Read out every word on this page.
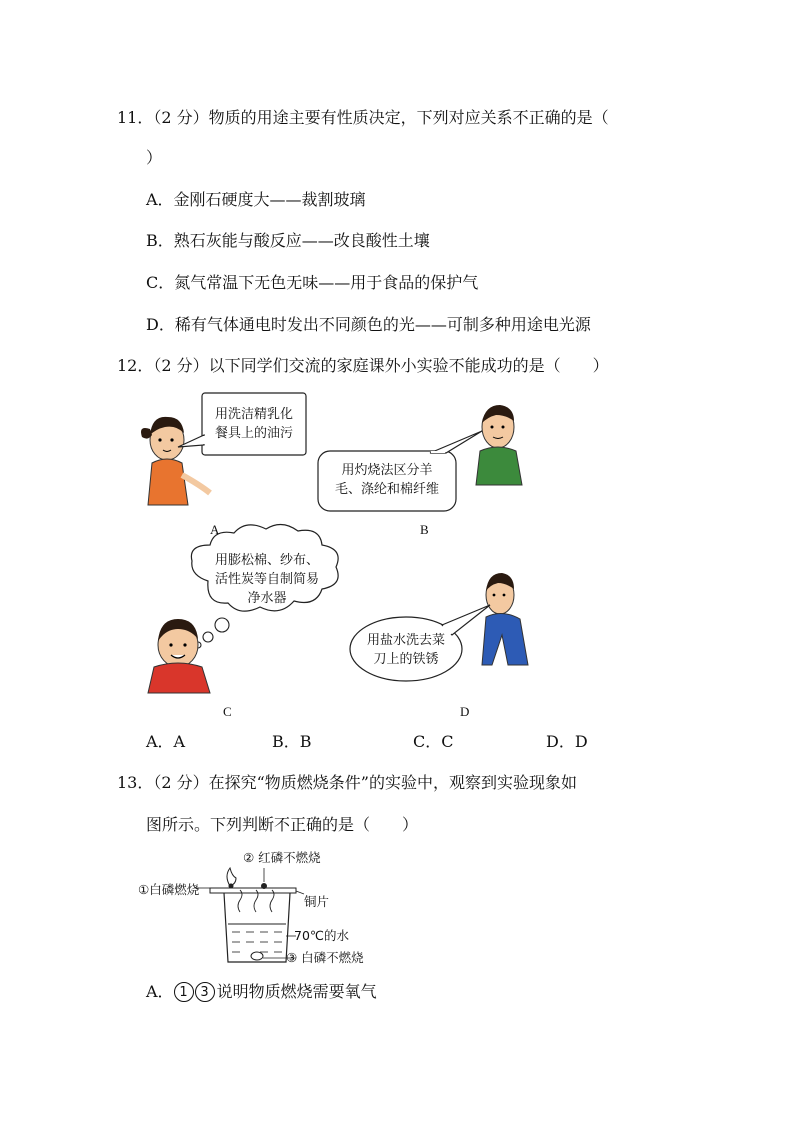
11．（2 分）物质的用途主要有性质决定，下列对应关系不正确的是（
）
A．金刚石硬度大——裁割玻璃
B．熟石灰能与酸反应——改良酸性土壤
C．氮气常温下无色无味——用于食品的保护气
D．稀有气体通电时发出不同颜色的光——可制多种用途电光源
12．（2 分）以下同学们交流的家庭课外小实验不能成功的是（　　）
用洗洁精乳化
餐具上的油污
用灼烧法区分羊
毛、涤纶和棉纤维
用膨松棉、纱布、
活性炭等自制简易
净水器
用盐水洗去菜
刀上的铁锈
A	B
C	D
A．A	B．B	C．C	D．D
13．（2 分）在探究“物质燃烧条件”的实验中，观察到实验现象如
图所示。下列判断不正确的是（　　）
② 红磷不燃烧
①白磷燃烧
铜片
70℃的水
③ 白磷不燃烧
A． 1 3 说明物质燃烧需要氧气
